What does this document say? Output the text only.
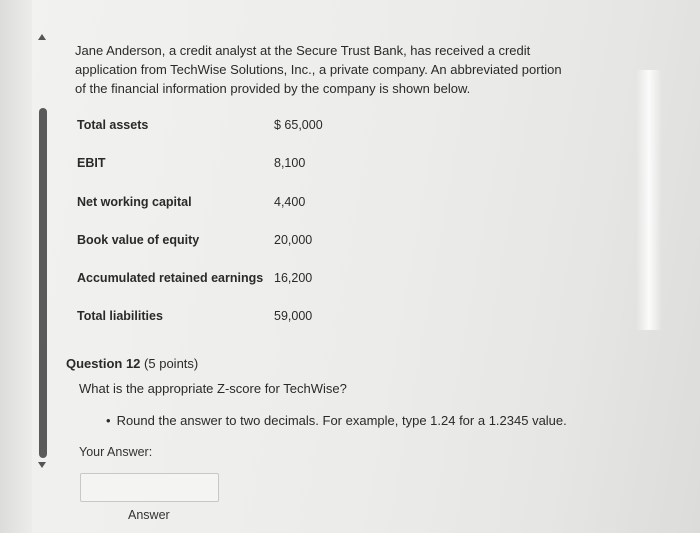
Jane Anderson, a credit analyst at the Secure Trust Bank, has received a credit application from TechWise Solutions, Inc., a private company. An abbreviated portion of the financial information provided by the company is shown below.

Total assets	$ 65,000
EBIT	8,100
Net working capital	4,400
Book value of equity	20,000
Accumulated retained earnings 16,200
Total liabilities	59,000
Question 12 (5 points)
What is the appropriate Z-score for TechWise?
• Round the answer to two decimals. For example, type 1.24 for a 1.2345 value.
Your Answer:
Answer
